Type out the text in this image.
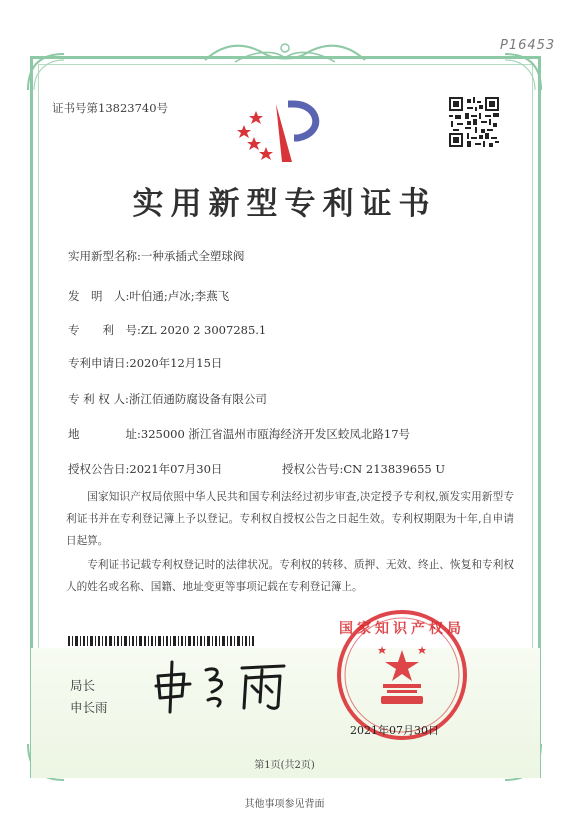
P16453
证书号第13823740号
实用新型专利证书
实用新型名称:一种承插式全塑球阀
发　明　人:叶伯通;卢冰;李燕飞
专　　利　号:ZL 2020 2 3007285.1
专利申请日:2020年12月15日
专 利 权 人:浙江佰通防腐设备有限公司
地　　　　址:325000 浙江省温州市瓯海经济开发区蛟凤北路17号
授权公告日:2021年07月30日	授权公告号:CN 213839655 U
国家知识产权局依照中华人民共和国专利法经过初步审查,决定授予专利权,颁发实用新型专利证书并在专利登记簿上予以登记。专利权自授权公告之日起生效。专利权期限为十年,自申请日起算。
专利证书记载专利权登记时的法律状况。专利权的转移、质押、无效、终止、恢复和专利权人的姓名或名称、国籍、地址变更等事项记载在专利登记簿上。
局长
申长雨
国家知识产权局
2021年07月30日
第1页(共2页)
其他事项参见背面
